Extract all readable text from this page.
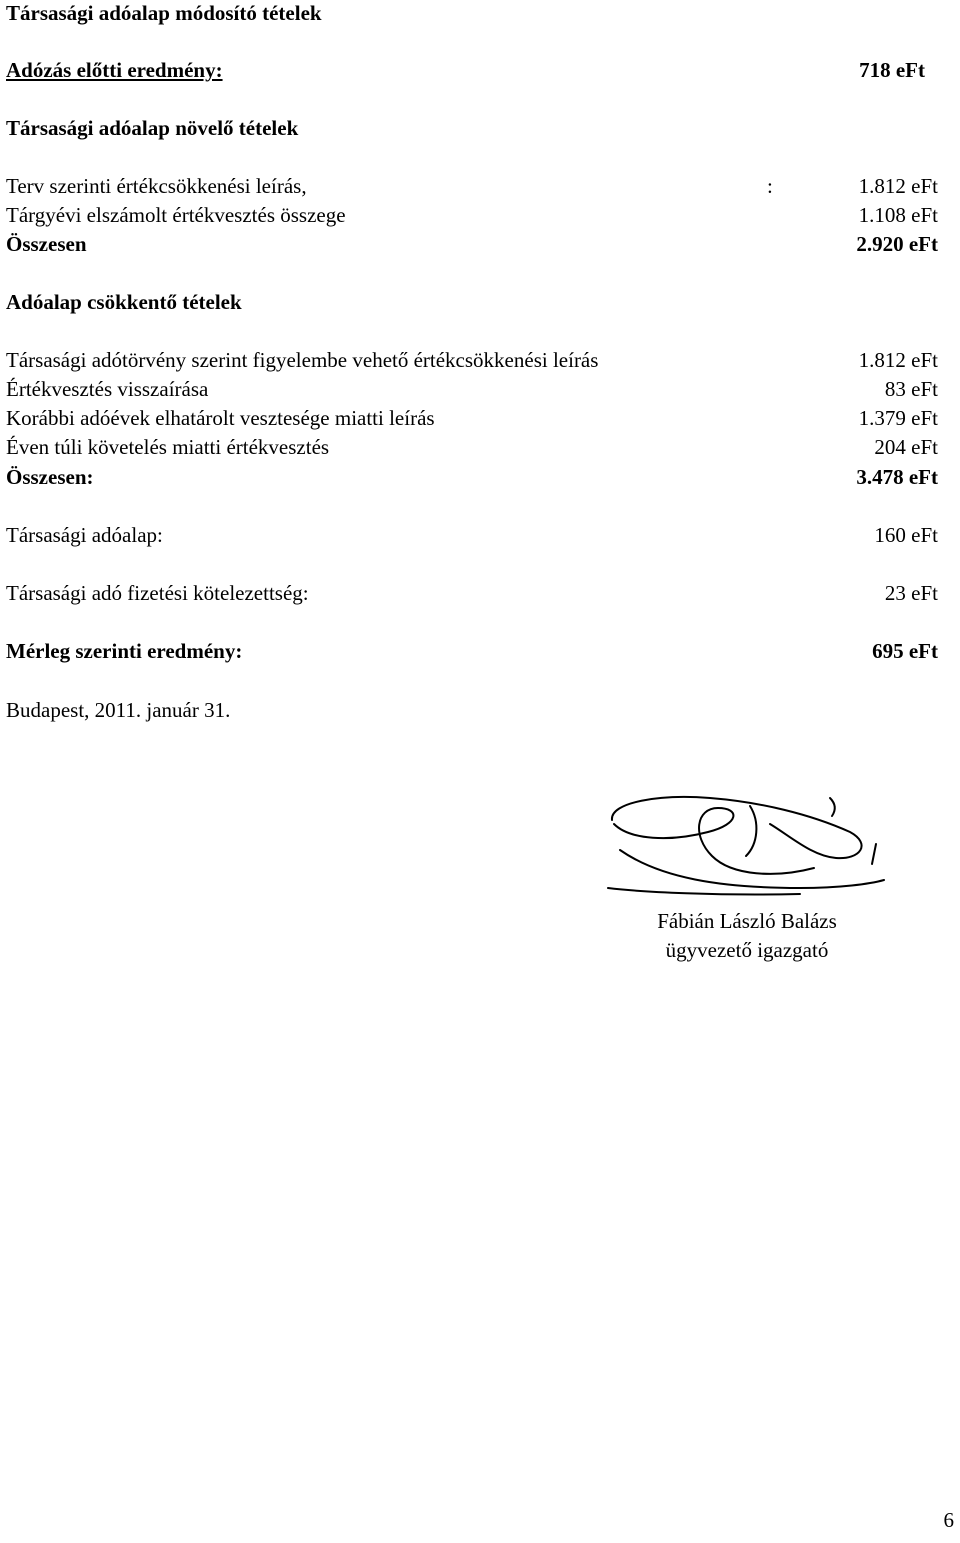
Társasági adóalap módosító tételek
Adózás előtti eredmény:	718 eFt
Társasági adóalap növelő tételek
Terv szerinti értékcsökkenési leírás,	:	1.812 eFt
Tárgyévi elszámolt értékvesztés összege	1.108 eFt
Összesen	2.920 eFt
Adóalap csökkentő tételek
Társasági adótörvény szerint figyelembe vehető értékcsökkenési leírás	1.812 eFt
Értékvesztés visszaírása	83 eFt
Korábbi adóévek elhatárolt vesztesége miatti leírás	1.379 eFt
Éven túli követelés miatti értékvesztés	204 eFt
Összesen:	3.478 eFt
Társasági adóalap:	160 eFt
Társasági adó fizetési kötelezettség:	23 eFt
Mérleg szerinti eredmény:	695 eFt
Budapest, 2011. január 31.
Fábián László Balázs
ügyvezető igazgató
6
